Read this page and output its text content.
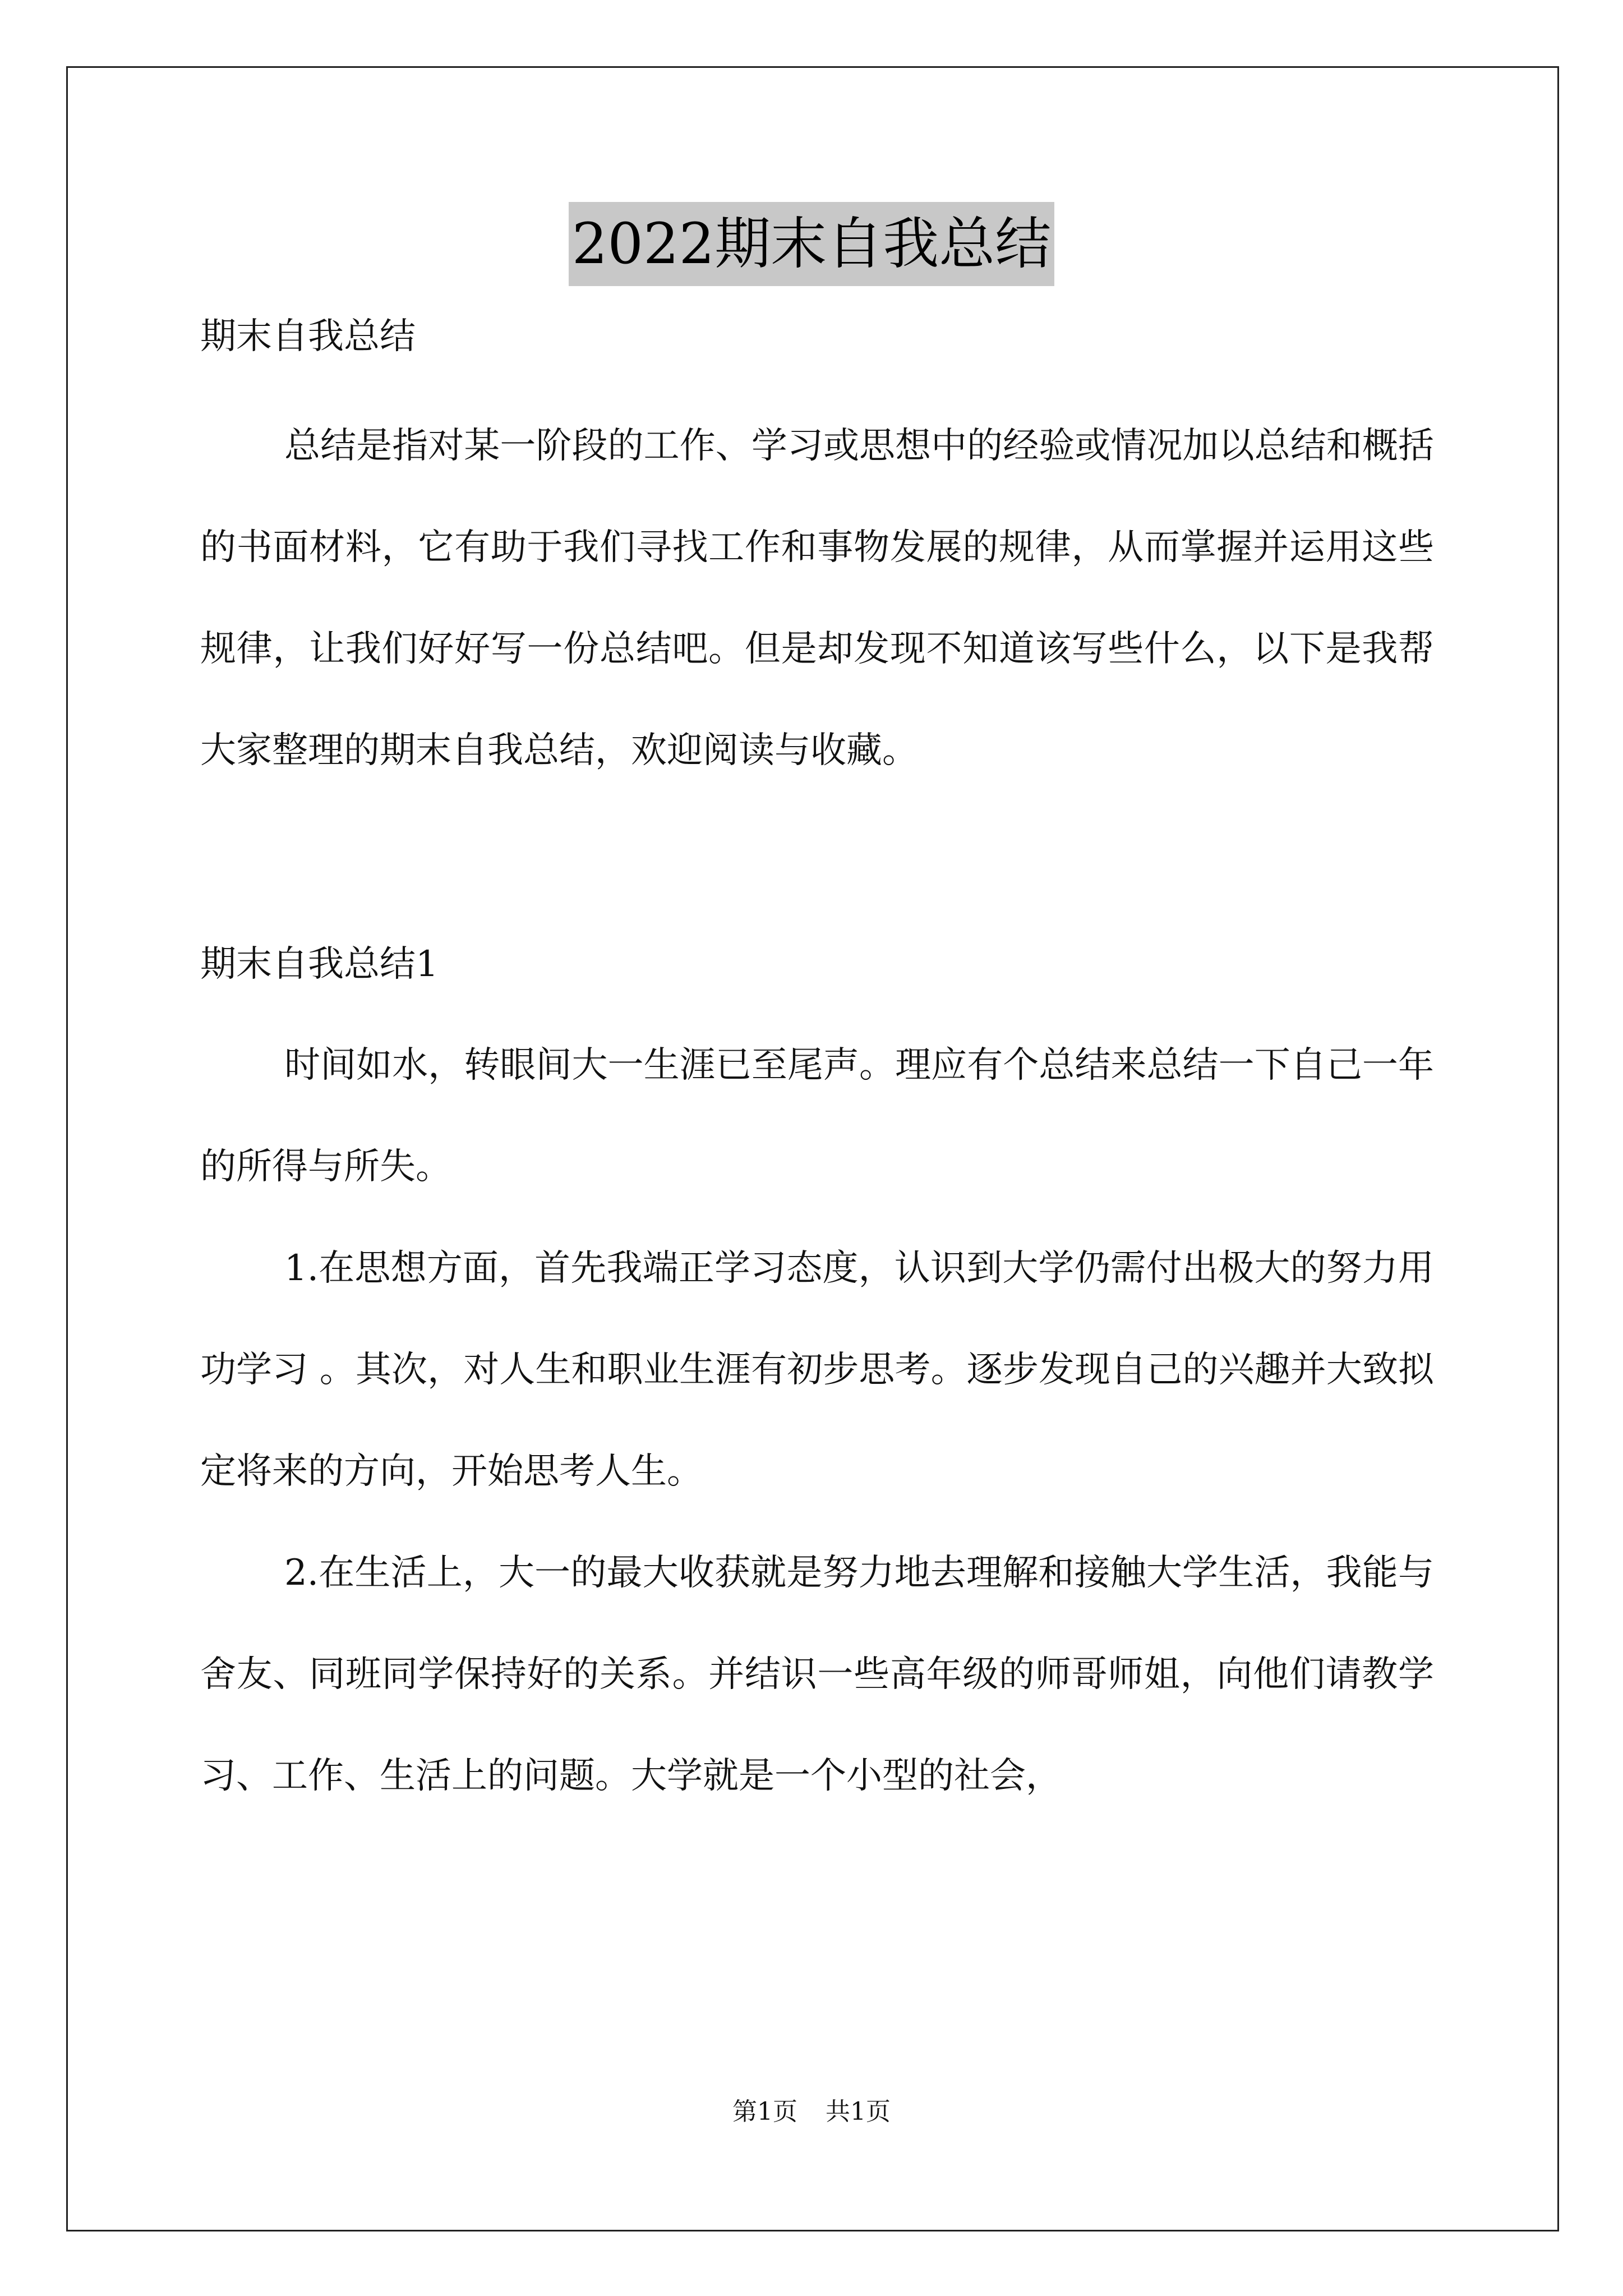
2022期末自我总结

期末自我总结

总结是指对某一阶段的工作、学习或思想中的经验或情况加以总结和概括的书面材料，它有助于我们寻找工作和事物发展的规律，从而掌握并运用这些规律，让我们好好写一份总结吧。但是却发现不知道该写些什么，以下是我帮大家整理的期末自我总结，欢迎阅读与收藏。

期末自我总结1

时间如水，转眼间大一生涯已至尾声。理应有个总结来总结一下自己一年的所得与所失。

1.在思想方面，首先我端正学习态度，认识到大学仍需付出极大的努力用功学习 。其次，对人生和职业生涯有初步思考。逐步发现自己的兴趣并大致拟定将来的方向，开始思考人生。

2.在生活上，大一的最大收获就是努力地去理解和接触大学生活，我能与舍友、同班同学保持好的关系。并结识一些高年级的师哥师姐，向他们请教学习、工作、生活上的问题。大学就是一个小型的社会，

第1页 共1页
